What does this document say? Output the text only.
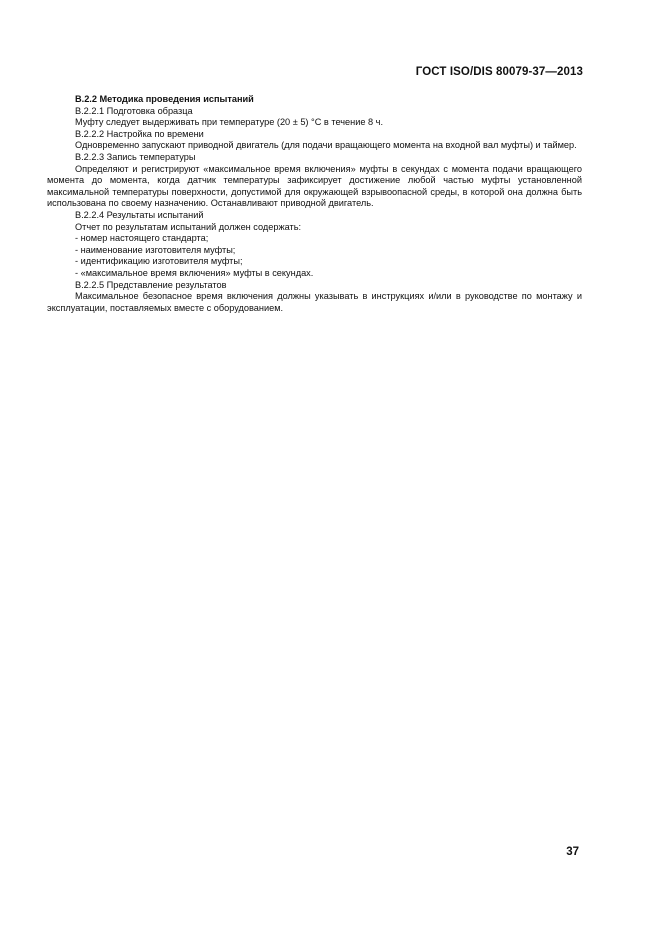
ГОСТ ISO/DIS 80079-37—2013

В.2.2 Методика проведения испытаний

В.2.2.1 Подготовка образца

Муфту следует выдерживать при температуре (20 ± 5) °С в течение 8 ч.

В.2.2.2 Настройка по времени

Одновременно запускают приводной двигатель (для подачи вращающего момента на входной вал муфты) и таймер.

В.2.2.3 Запись температуры

Определяют и регистрируют «максимальное время включения» муфты в секундах с момента подачи вращающего момента до момента, когда датчик температуры зафиксирует достижение любой частью муфты установленной максимальной температуры поверхности, допустимой для окружающей взрывоопасной среды, в которой она должна быть использована по своему назначению. Останавливают приводной двигатель.

В.2.2.4 Результаты испытаний

Отчет по результатам испытаний должен содержать:

- номер настоящего стандарта;

- наименование изготовителя муфты;

- идентификацию изготовителя муфты;

- «максимальное время включения» муфты в секундах.

В.2.2.5 Представление результатов

Максимальное безопасное время включения должны указывать в инструкциях и/или в руководстве по монтажу и эксплуатации, поставляемых вместе с оборудованием.

37
